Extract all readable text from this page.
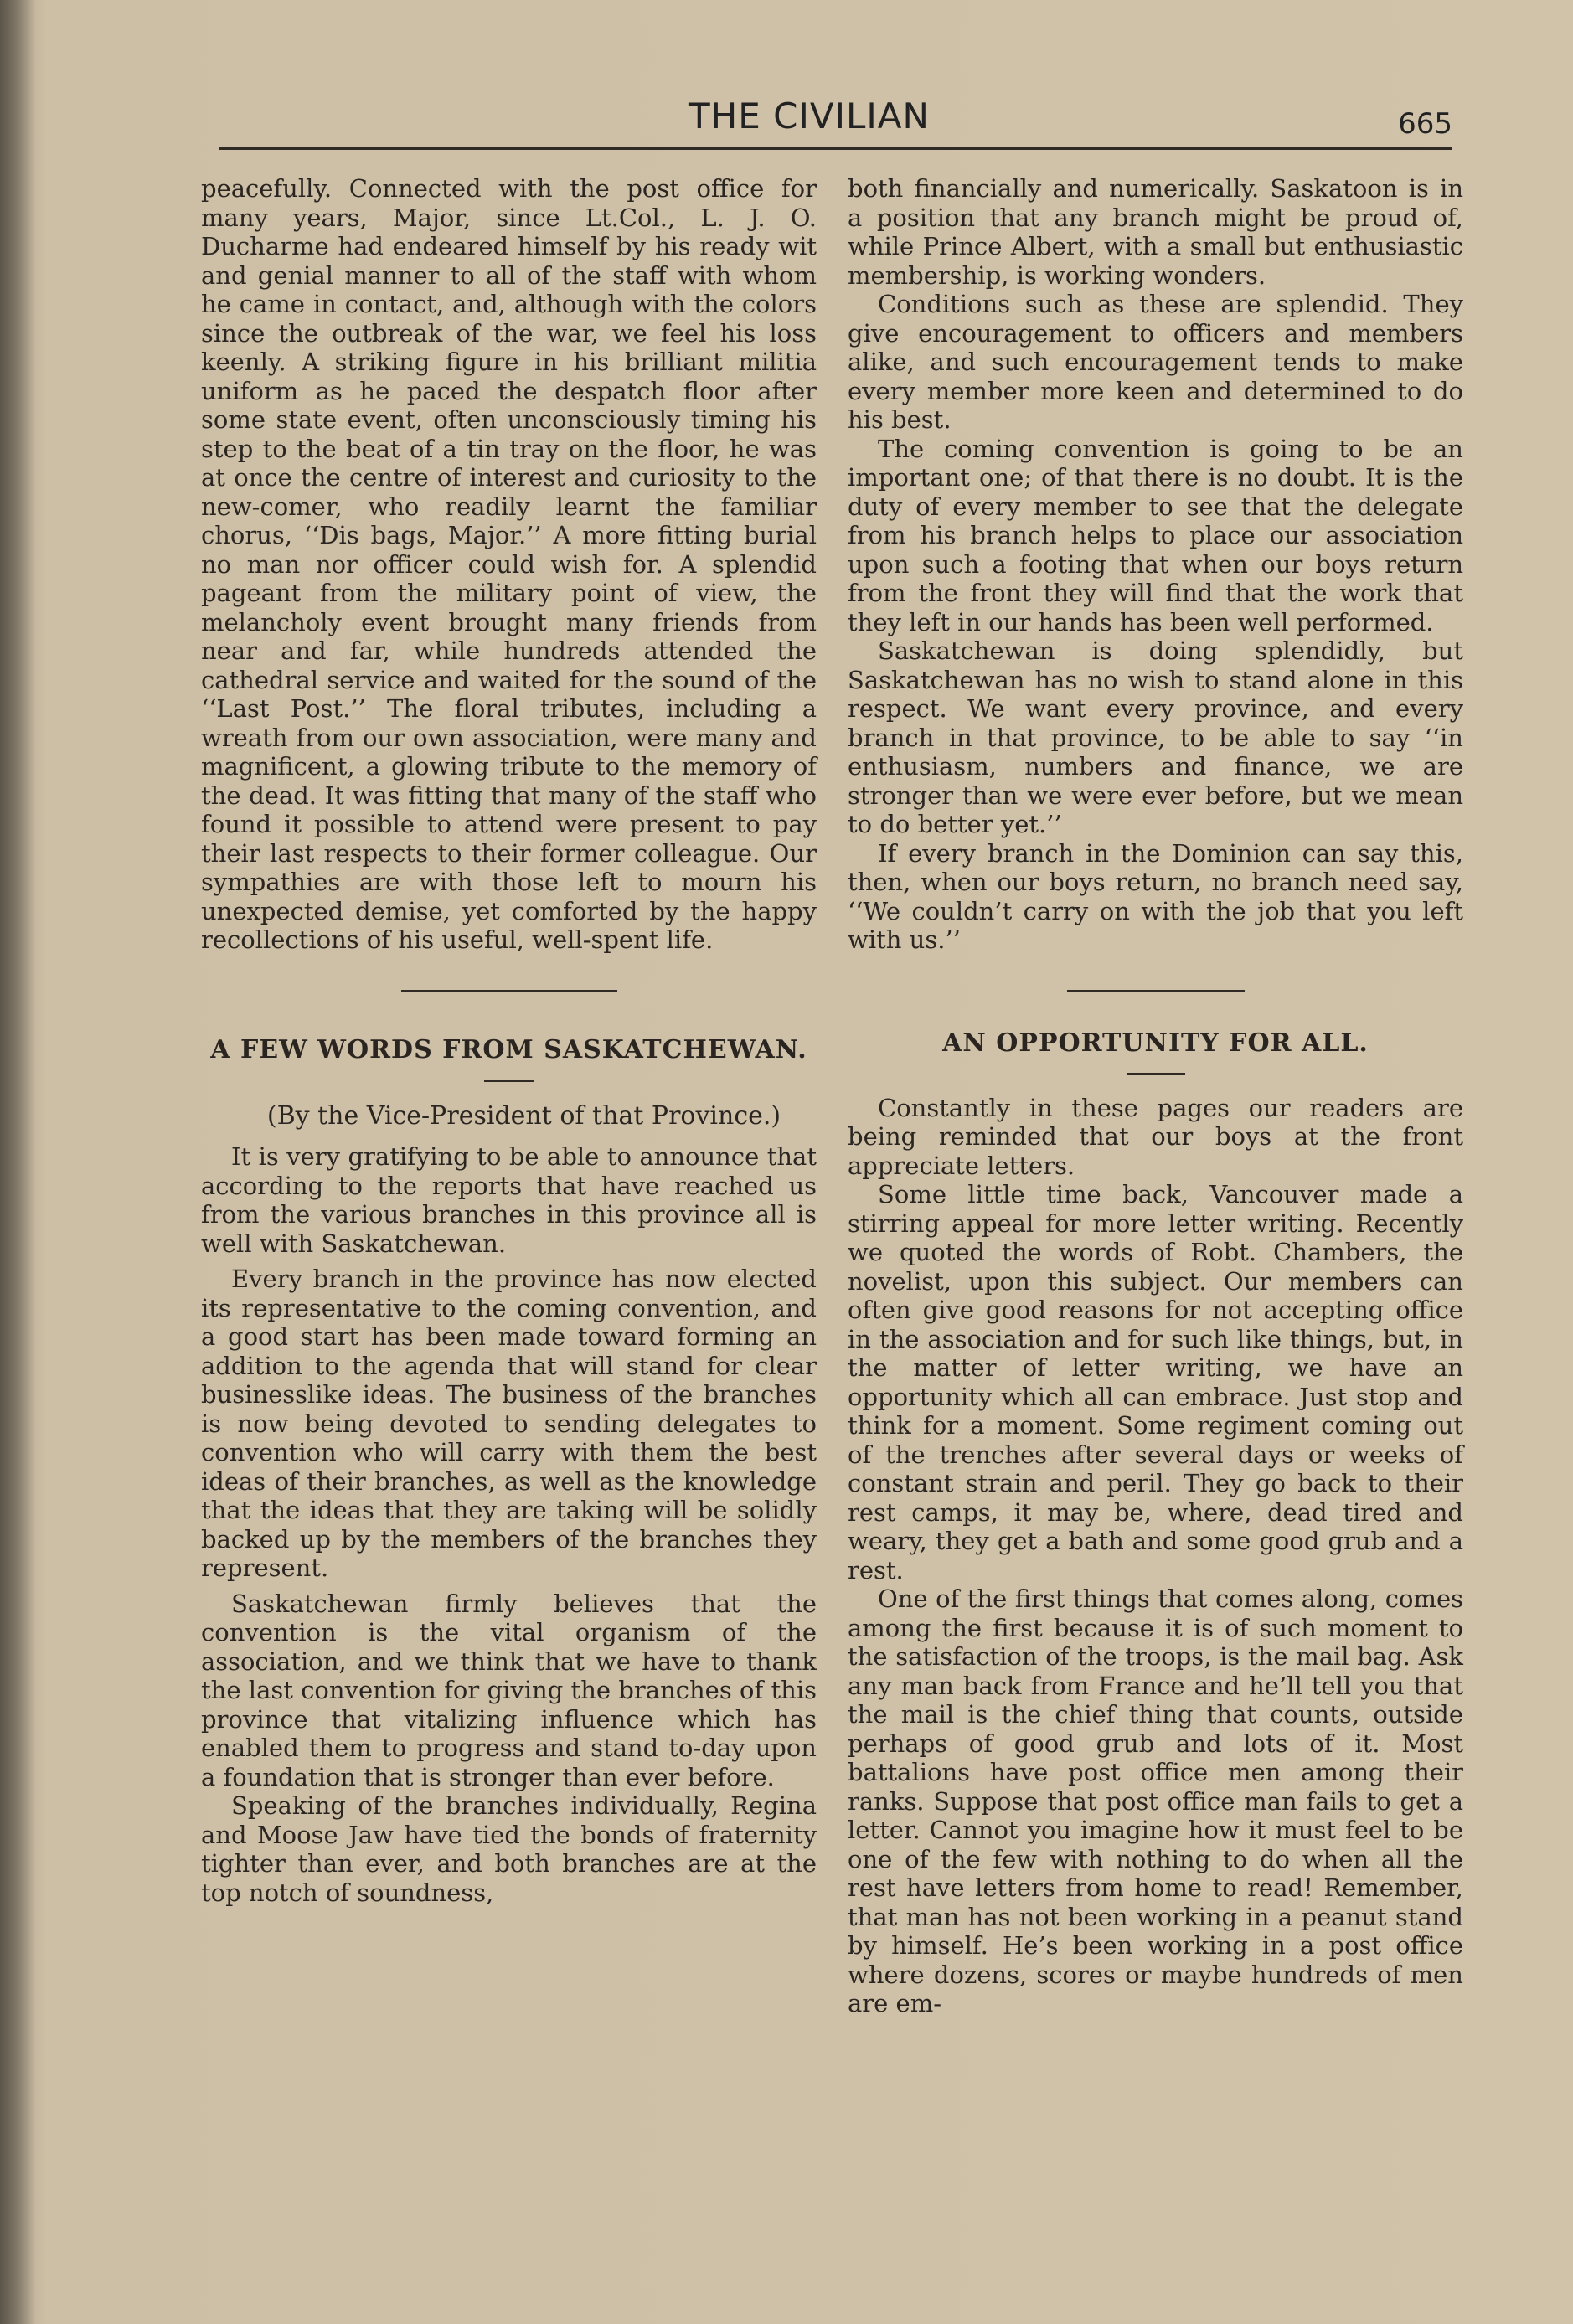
THE CIVILIAN	665

peacefully. Connected with the post office for many years, Major, since Lt.Col., L. J. O. Ducharme had endeared himself by his ready wit and genial manner to all of the staff with whom he came in contact, and, although with the colors since the outbreak of the war, we feel his loss keenly. A striking figure in his brilliant militia uniform as he paced the despatch floor after some state event, often unconsciously timing his step to the beat of a tin tray on the floor, he was at once the centre of interest and curiosity to the new-comer, who readily learnt the familiar chorus, ‘‘Dis bags, Major.’’ A more fitting burial no man nor officer could wish for. A splendid pageant from the military point of view, the melancholy event brought many friends from near and far, while hundreds attended the cathedral service and waited for the sound of the ‘‘Last Post.’’ The floral tributes, including a wreath from our own association, were many and magnificent, a glowing tribute to the memory of the dead. It was fitting that many of the staff who found it possible to attend were present to pay their last respects to their former colleague. Our sympathies are with those left to mourn his unexpected demise, yet comforted by the happy recollections of his useful, well-spent life.

A FEW WORDS FROM SASKATCHEWAN.

(By the Vice-President of that Province.)

It is very gratifying to be able to announce that according to the reports that have reached us from the various branches in this province all is well with Saskatchewan.

Every branch in the province has now elected its representative to the coming convention, and a good start has been made toward forming an addition to the agenda that will stand for clear businesslike ideas. The business of the branches is now being devoted to sending delegates to convention who will carry with them the best ideas of their branches, as well as the knowledge that the ideas that they are taking will be solidly backed up by the members of the branches they represent.

Saskatchewan firmly believes that the convention is the vital organism of the association, and we think that we have to thank the last convention for giving the branches of this province that vitalizing influence which has enabled them to progress and stand to-day upon a foundation that is stronger than ever before.

Speaking of the branches individually, Regina and Moose Jaw have tied the bonds of fraternity tighter than ever, and both branches are at the top notch of soundness,

both financially and numerically. Saskatoon is in a position that any branch might be proud of, while Prince Albert, with a small but enthusiastic membership, is working wonders.

Conditions such as these are splendid. They give encouragement to officers and members alike, and such encouragement tends to make every member more keen and determined to do his best.

The coming convention is going to be an important one; of that there is no doubt. It is the duty of every member to see that the delegate from his branch helps to place our association upon such a footing that when our boys return from the front they will find that the work that they left in our hands has been well performed.

Saskatchewan is doing splendidly, but Saskatchewan has no wish to stand alone in this respect. We want every province, and every branch in that province, to be able to say ‘‘in enthusiasm, numbers and finance, we are stronger than we were ever before, but we mean to do better yet.’’

If every branch in the Dominion can say this, then, when our boys return, no branch need say, ‘‘We couldn’t carry on with the job that you left with us.’’

AN OPPORTUNITY FOR ALL.

Constantly in these pages our readers are being reminded that our boys at the front appreciate letters.

Some little time back, Vancouver made a stirring appeal for more letter writing. Recently we quoted the words of Robt. Chambers, the novelist, upon this subject. Our members can often give good reasons for not accepting office in the association and for such like things, but, in the matter of letter writing, we have an opportunity which all can embrace. Just stop and think for a moment. Some regiment coming out of the trenches after several days or weeks of constant strain and peril. They go back to their rest camps, it may be, where, dead tired and weary, they get a bath and some good grub and a rest.

One of the first things that comes along, comes among the first because it is of such moment to the satisfaction of the troops, is the mail bag. Ask any man back from France and he’ll tell you that the mail is the chief thing that counts, outside perhaps of good grub and lots of it. Most battalions have post office men among their ranks. Suppose that post office man fails to get a letter. Cannot you imagine how it must feel to be one of the few with nothing to do when all the rest have letters from home to read! Remember, that man has not been working in a peanut stand by himself. He’s been working in a post office where dozens, scores or maybe hundreds of men are em-
